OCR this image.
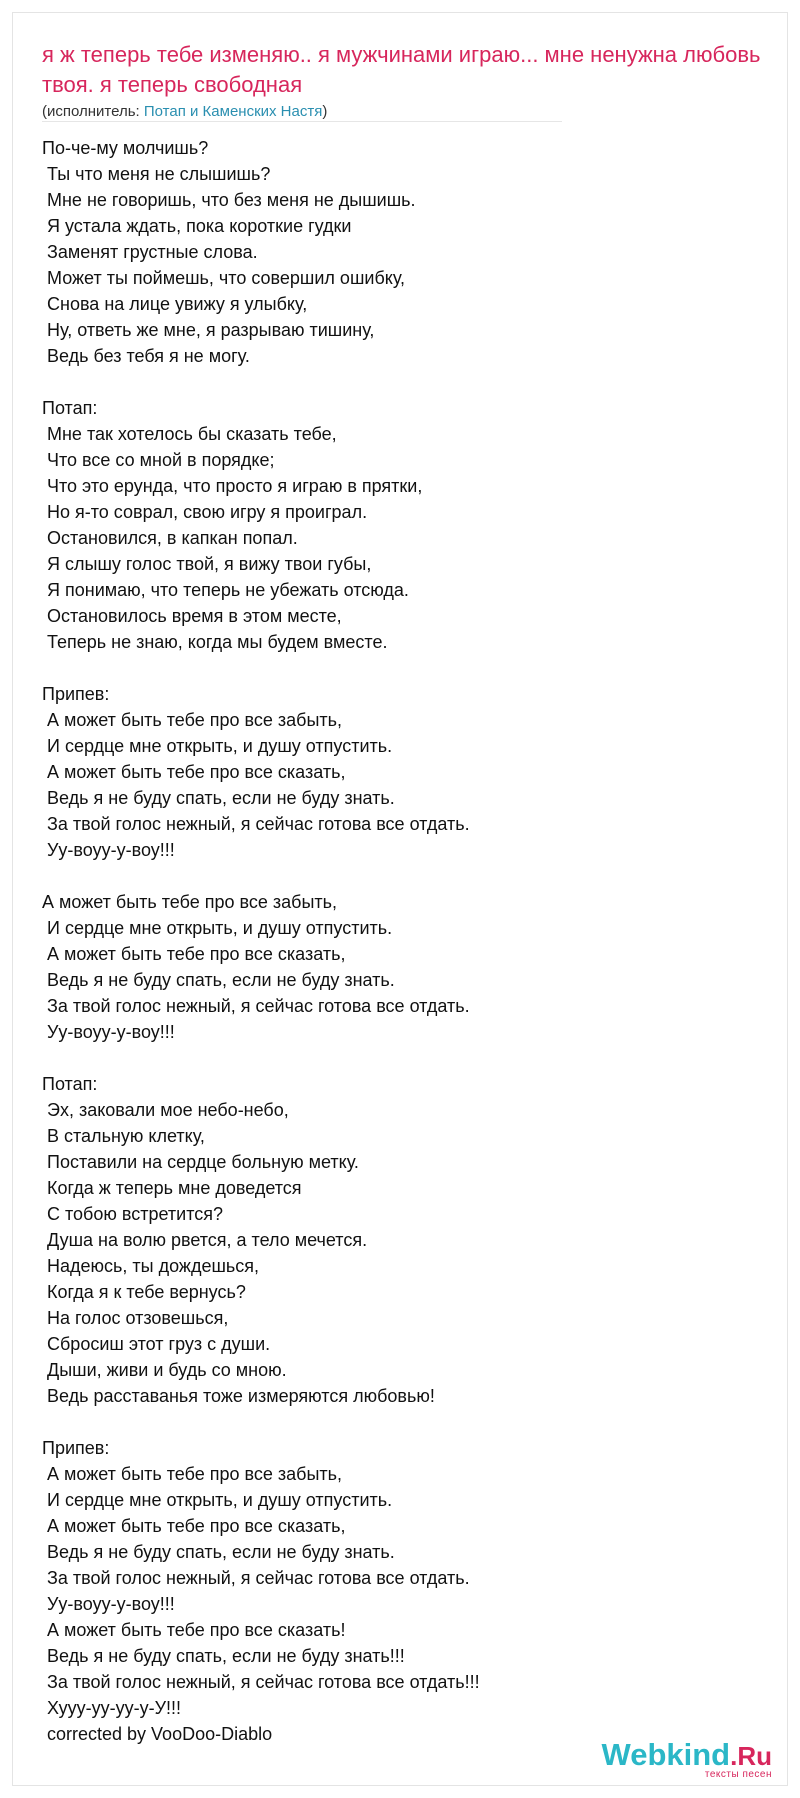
я ж теперь тебе изменяю.. я мужчинами играю... мне ненужна любовь твоя. я теперь свободная
(исполнитель: Потап и Каменских Настя)
По-че-му молчишь?
Ты что меня не слышишь?
Мне не говоришь, что без меня не дышишь.
Я устала ждать, пока короткие гудки
Заменят грустные слова.
Может ты поймешь, что совершил ошибку,
Снова на лице увижу я улыбку,
Ну, ответь же мне, я разрываю тишину,
Ведь без тебя я не могу.
Потап:
Мне так хотелось бы сказать тебе,
Что все со мной в порядке;
Что это ерунда, что просто я играю в прятки,
Но я-то соврал, свою игру я проиграл.
Остановился, в капкан попал.
Я слышу голос твой, я вижу твои губы,
Я понимаю, что теперь не убежать отсюда.
Остановилось время в этом месте,
Теперь не знаю, когда мы будем вместе.
Припев:
А может быть тебе про все забыть,
И сердце мне открыть, и душу отпустить.
А может быть тебе про все сказать,
Ведь я не буду спать, если не буду знать.
За твой голос нежный, я сейчас готова все отдать.
Уу-воуу-у-воу!!!
А может быть тебе про все забыть,
И сердце мне открыть, и душу отпустить.
А может быть тебе про все сказать,
Ведь я не буду спать, если не буду знать.
За твой голос нежный, я сейчас готова все отдать.
Уу-воуу-у-воу!!!
Потап:
Эх, заковали мое небо-небо,
В стальную клетку,
Поставили на сердце больную метку.
Когда ж теперь мне доведется
С тобою встретится?
Душа на волю рвется, а тело мечется.
Надеюсь, ты дождешься,
Когда я к тебе вернусь?
На голос отзовешься,
Сбросиш этот груз с души.
Дыши, живи и будь со мною.
Ведь расставанья тоже измеряются любовью!
Припев:
А может быть тебе про все забыть,
И сердце мне открыть, и душу отпустить.
А может быть тебе про все сказать,
Ведь я не буду спать, если не буду знать.
За твой голос нежный, я сейчас готова все отдать.
Уу-воуу-у-воу!!!
А может быть тебе про все сказать!
Ведь я не буду спать, если не буду знать!!!
За твой голос нежный, я сейчас готова все отдать!!!
Хууу-уу-уу-у-У!!!
corrected by VooDoo-Diablo
Webkind.Ru
тексты песен
